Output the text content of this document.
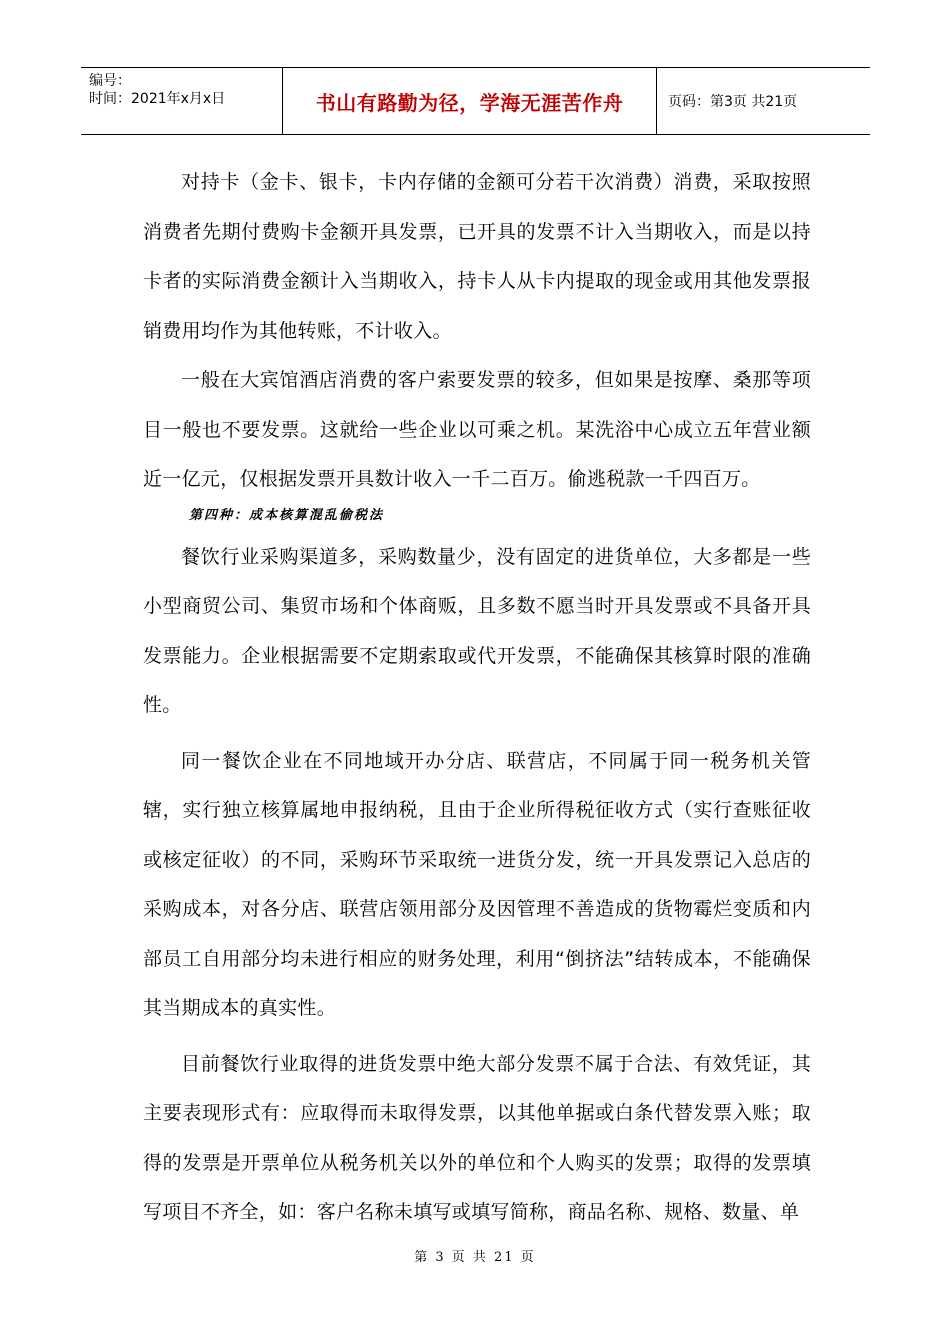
编号：
时间：2021年x月x日	书山有路勤为径，学海无涯苦作舟	页码：第3页 共21页

对持卡（金卡、银卡，卡内存储的金额可分若干次消费）消费，采取按照消费者先期付费购卡金额开具发票，已开具的发票不计入当期收入，而是以持卡者的实际消费金额计入当期收入，持卡人从卡内提取的现金或用其他发票报销费用均作为其他转账，不计收入。

一般在大宾馆酒店消费的客户索要发票的较多，但如果是按摩、桑那等项目一般也不要发票。这就给一些企业以可乘之机。某洗浴中心成立五年营业额近一亿元，仅根据发票开具数计收入一千二百万。偷逃税款一千四百万。

第四种：成本核算混乱偷税法

餐饮行业采购渠道多，采购数量少，没有固定的进货单位，大多都是一些小型商贸公司、集贸市场和个体商贩，且多数不愿当时开具发票或不具备开具发票能力。企业根据需要不定期索取或代开发票，不能确保其核算时限的准确性。

同一餐饮企业在不同地域开办分店、联营店，不同属于同一税务机关管辖，实行独立核算属地申报纳税，且由于企业所得税征收方式（实行查账征收或核定征收）的不同，采购环节采取统一进货分发，统一开具发票记入总店的采购成本，对各分店、联营店领用部分及因管理不善造成的货物霉烂变质和内部员工自用部分均未进行相应的财务处理，利用“倒挤法”结转成本，不能确保其当期成本的真实性。

目前餐饮行业取得的进货发票中绝大部分发票不属于合法、有效凭证，其主要表现形式有：应取得而未取得发票，以其他单据或白条代替发票入账；取得的发票是开票单位从税务机关以外的单位和个人购买的发票；取得的发票填写项目不齐全，如：客户名称未填写或填写简称，商品名称、规格、数量、单

第 3 页 共 21 页
